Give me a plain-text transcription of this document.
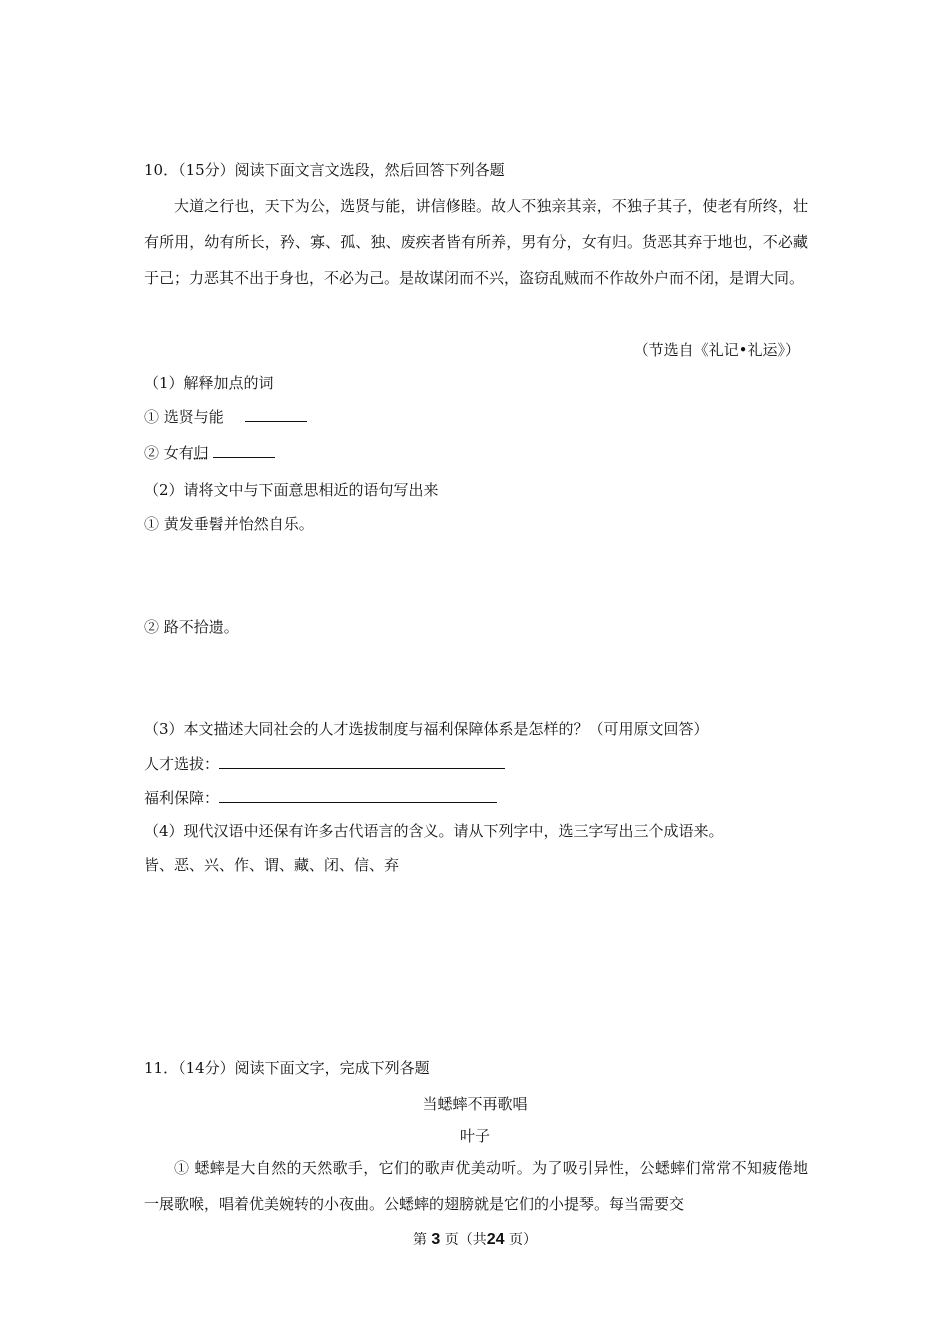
10．（15分）阅读下面文言文选段，然后回答下列各题
大道之行也，天下为公，选贤与能，讲信修睦。故人不独亲其亲，不独子其子，使老有所终，壮有所用，幼有所长，矜、寡、孤、独、废疾者皆有所养，男有分，女有归。货恶其弃于地也，不必藏于己；力恶其不出于身也，不必为己。是故谋闭而不兴，盗窃乱贼而不作故外户而不闭，是谓大同。
（节选自《礼记•礼运》）
（1）解释加点的词
① 选贤与能
② 女有归 •••••
（2）请将文中与下面意思相近的语句写出来
① 黄发垂髫并怡然自乐。
② 路不拾遗。
（3）本文描述大同社会的人才选拔制度与福利保障体系是怎样的？（可用原文回答）
人才选拔：
福利保障：
（4）现代汉语中还保有许多古代语言的含义。请从下列字中，选三字写出三个成语来。
皆、恶、兴、作、谓、藏、闭、信、弃
11．（14分）阅读下面文字，完成下列各题
当蟋蟀不再歌唱
叶子
① 蟋蟀是大自然的天然歌手，它们的歌声优美动听。为了吸引异性，公蟋蟀们常常不知疲倦地一展歌喉，唱着优美婉转的小夜曲。公蟋蟀的翅膀就是它们的小提琴。每当需要交
第 3 页（共24 页）
